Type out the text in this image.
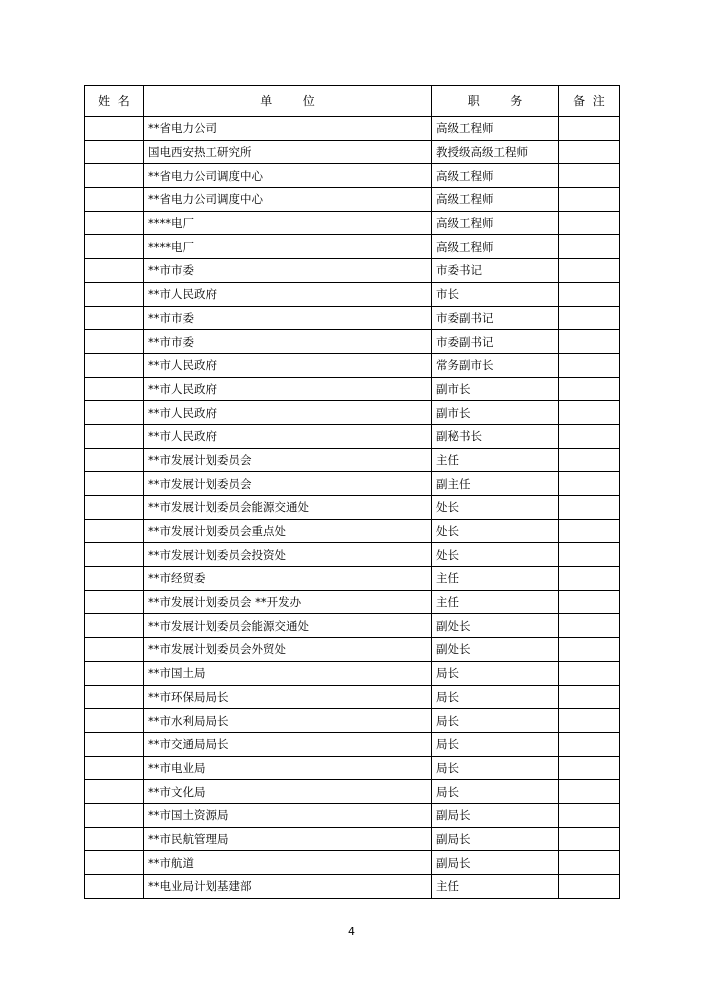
姓  名	单        位	职        务	备  注
	**省电力公司	高级工程师	
	国电西安热工研究所	教授级高级工程师	
	**省电力公司调度中心	高级工程师	
	**省电力公司调度中心	高级工程师	
	****电厂	高级工程师	
	****电厂	高级工程师	
	**市市委	市委书记	
	**市人民政府	市长	
	**市市委	市委副书记	
	**市市委	市委副书记	
	**市人民政府	常务副市长	
	**市人民政府	副市长	
	**市人民政府	副市长	
	**市人民政府	副秘书长	
	**市发展计划委员会	主任	
	**市发展计划委员会	副主任	
	**市发展计划委员会能源交通处	处长	
	**市发展计划委员会重点处	处长	
	**市发展计划委员会投资处	处长	
	**市经贸委	主任	
	**市发展计划委员会 **开发办	主任	
	**市发展计划委员会能源交通处	副处长	
	**市发展计划委员会外贸处	副处长	
	**市国土局	局长	
	**市环保局局长	局长	
	**市水利局局长	局长	
	**市交通局局长	局长	
	**市电业局	局长	
	**市文化局	局长	
	**市国土资源局	副局长	
	**市民航管理局	副局长	
	**市航道	副局长	
	**电业局计划基建部	主任	
4
